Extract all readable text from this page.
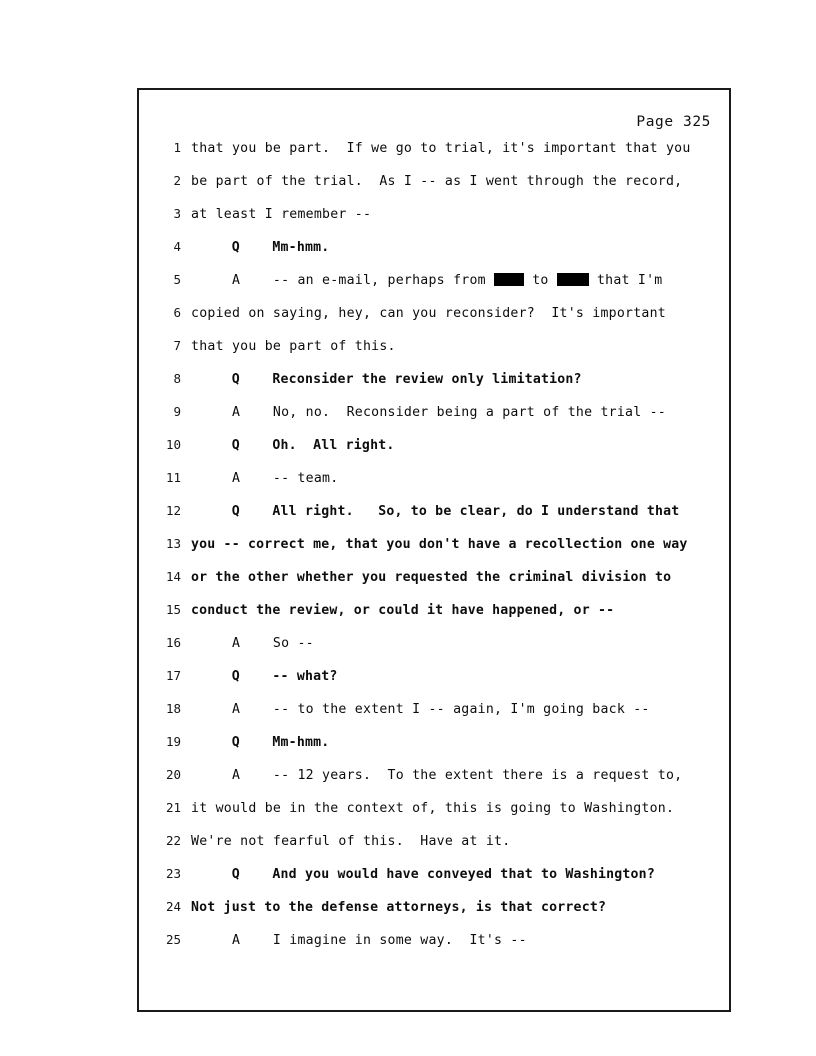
Page 325
1 that you be part.  If we go to trial, it's important that you
2 be part of the trial.  As I -- as I went through the record,
3 at least I remember --
4 Q    Mm-hmm.
5 A    -- an e-mail, perhaps from  to  that I'm
6 copied on saying, hey, can you reconsider?  It's important
7 that you be part of this.
8 Q    Reconsider the review only limitation?
9 A    No, no.  Reconsider being a part of the trial --
10 Q    Oh.  All right.
11 A    -- team.
12 Q    All right.   So, to be clear, do I understand that
13 you -- correct me, that you don't have a recollection one way
14 or the other whether you requested the criminal division to
15 conduct the review, or could it have happened, or --
16 A    So --
17 Q    -- what?
18 A    -- to the extent I -- again, I'm going back --
19 Q    Mm-hmm.
20 A    -- 12 years.  To the extent there is a request to,
21 it would be in the context of, this is going to Washington.
22 We're not fearful of this.  Have at it.
23 Q    And you would have conveyed that to Washington?
24 Not just to the defense attorneys, is that correct?
25 A    I imagine in some way.  It's --
